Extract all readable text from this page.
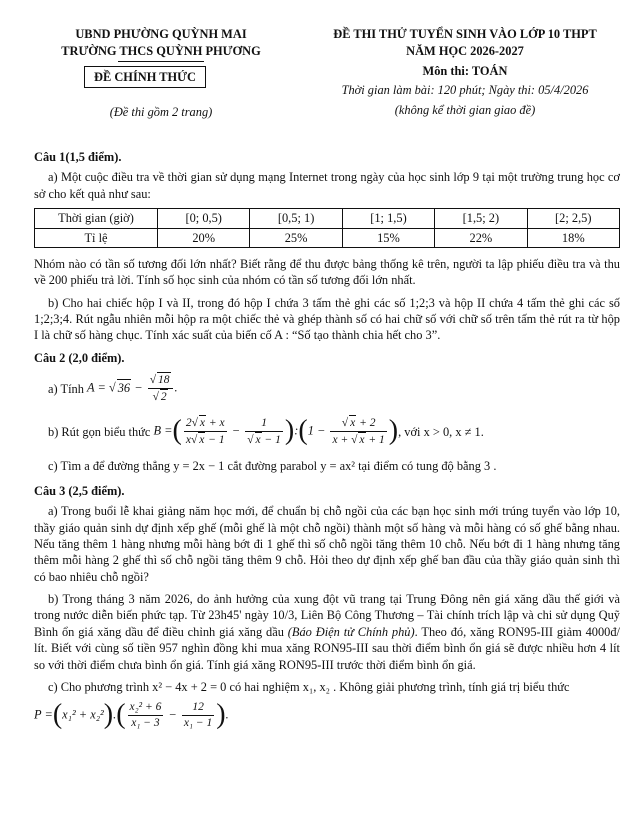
UBND PHƯỜNG QUỲNH MAI
TRƯỜNG THCS QUỲNH PHƯƠNG
ĐỀ CHÍNH THỨC
(Đề thi gồm 2 trang)
ĐỀ THI THỬ TUYỂN SINH VÀO LỚP 10 THPT
NĂM HỌC 2026-2027
Môn thi: TOÁN
Thời gian làm bài: 120 phút; Ngày thi: 05/4/2026
(không kể thời gian giao đề)

Câu 1(1,5 điểm).

a) Một cuộc điều tra về thời gian sử dụng mạng Internet trong ngày của học sinh lớp 9 tại một trường trung học cơ sở cho kết quả như sau:

Thời gian (giờ)	[0; 0,5)	[0,5; 1)	[1; 1,5)	[1,5; 2)	[2; 2,5)
Tỉ lệ	20%	25%	15%	22%	18%

Nhóm nào có tần số tương đối lớn nhất? Biết rằng để thu được bảng thống kê trên, người ta lập phiếu điều tra và thu về 200 phiếu trả lời. Tính số học sinh của nhóm có tần số tương đối lớn nhất.

b) Cho hai chiếc hộp I và II, trong đó hộp I chứa 3 tấm thẻ ghi các số 1;2;3 và hộp II chứa 4 tấm thẻ ghi các số 1;2;3;4. Rút ngẫu nhiên mỗi hộp ra một chiếc thẻ và ghép thành số có hai chữ số với chữ số trên tấm thẻ rút ra từ hộp I là chữ số hàng chục. Tính xác suất của biến cố A : “Số tạo thành chia hết cho 3”.

Câu 2 (2,0 điểm).

a) Tính
A = √ $36 - \frac{√ 18}{√ 2}$ .
b) Rút gọn biểu thức
B =( $\frac{2√ x + x}{x√ x - 1} - \frac{1}{√ x - 1}$ ):(1 − $\frac{√ x + 2}{x + √ x + 1}$ ) , với x > 0, x ≠ 1.

c) Tìm a để đường thẳng y = 2x − 1 cắt đường parabol y = ax² tại điểm có tung độ bằng 3 .

Câu 3 (2,5 điểm).

a) Trong buổi lễ khai giảng năm học mới, để chuẩn bị chỗ ngồi của các bạn học sinh mới trúng tuyển vào lớp 10, thầy giáo quản sinh dự định xếp ghế (mỗi ghế là một chỗ ngồi) thành một số hàng và mỗi hàng có số ghế bằng nhau. Nếu tăng thêm 1 hàng nhưng mỗi hàng bớt đi 1 ghế thì số chỗ ngồi tăng thêm 10 chỗ. Nếu bớt đi 1 hàng nhưng tăng thêm mỗi hàng 2 ghế thì số chỗ ngồi tăng thêm 9 chỗ. Hỏi theo dự định xếp ghế ban đầu của thầy giáo quản sinh thì có bao nhiêu chỗ ngồi?

b) Trong tháng 3 năm 2026, do ảnh hưởng của xung đột vũ trang tại Trung Đông nên giá xăng dầu thế giới và trong nước diễn biến phức tạp. Từ 23h45' ngày 10/3, Liên Bộ Công Thương – Tài chính trích lập và chi sử dụng Quỹ Bình ổn giá xăng dầu để điều chỉnh giá xăng dầu (Báo Điện tử Chính phủ). Theo đó, xăng RON95-III giảm 4000đ/ lít. Biết với cùng số tiền 957 nghìn đồng khi mua xăng RON95-III sau thời điểm bình ổn giá sẽ được nhiều hơn 4 lít so với thời điểm chưa bình ổn giá. Tính giá xăng RON95-III trước thời điểm bình ổn giá.

c) Cho phương trình x² − 4x + 2 = 0 có hai nghiệm x₁, x₂ . Không giải phương trình, tính giá trị biểu thức

$P =(x_1^2 + x_2^2).( \frac{\text{x₂² + 6}}{\text{x₁ − 3}} - \frac{12}{\text{x₁ − 1}}$ ).
